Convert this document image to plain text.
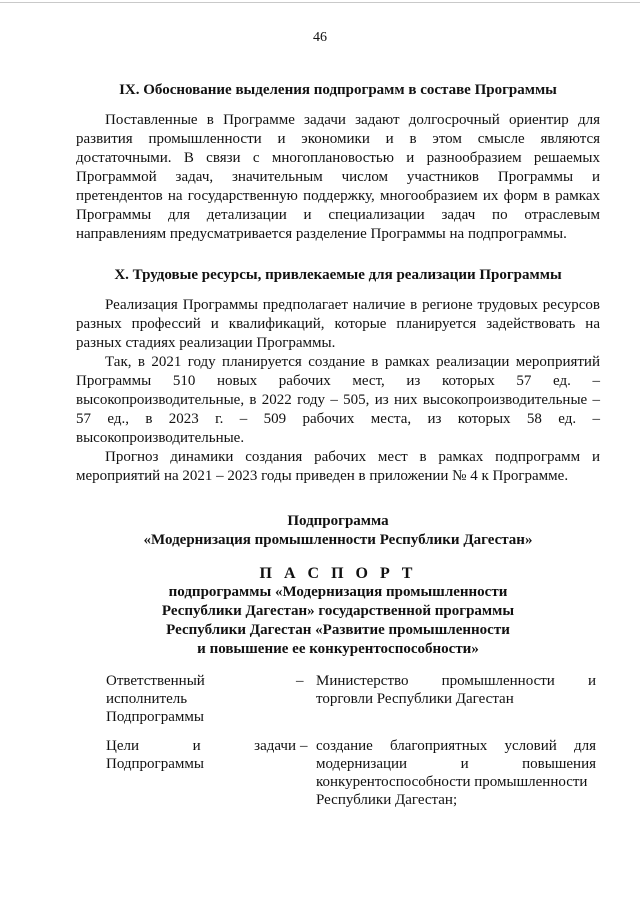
46
IX. Обоснование выделения подпрограмм в составе Программы

Поставленные в Программе задачи задают долгосрочный ориентир для

развития промышленности и экономики и в этом смысле являются

достаточными. В связи с многоплановостью и разнообразием решаемых

Программой задач, значительным числом участников Программы и

претендентов на государственную поддержку, многообразием их форм в рамках

Программы для детализации и специализации задач по отраслевым

направлениям предусматривается разделение Программы на подпрограммы.

X. Трудовые ресурсы, привлекаемые для реализации Программы

Реализация Программы предполагает наличие в регионе трудовых ресурсов

разных профессий и квалификаций, которые планируется задействовать на

разных стадиях реализации Программы.

Так, в 2021 году планируется создание в рамках реализации мероприятий

Программы 510 новых рабочих мест, из которых 57 ед. –

высокопроизводительные, в 2022 году – 505, из них высокопроизводительные –

57 ед., в 2023 г. – 509 рабочих места, из которых 58 ед. –

высокопроизводительные.

Прогноз динамики создания рабочих мест в рамках подпрограмм и

мероприятий на 2021 – 2023 годы приведен в приложении № 4 к Программе.

Подпрограмма
«Модернизация промышленности Республики Дагестан»
П А С П О Р Т
подпрограммы «Модернизация промышленности
Республики Дагестан» государственной программы
Республики Дагестан «Развитие промышленности
и повышение ее конкурентоспособности»
Ответственный
исполнитель
Подпрограммы
– Министерство промышленности и
торговли Республики Дагестан
Цели	и	задачи
Подпрограммы
– создание благоприятных условий для
модернизации и повышения
конкурентоспособности промышленности
Республики Дагестан;
